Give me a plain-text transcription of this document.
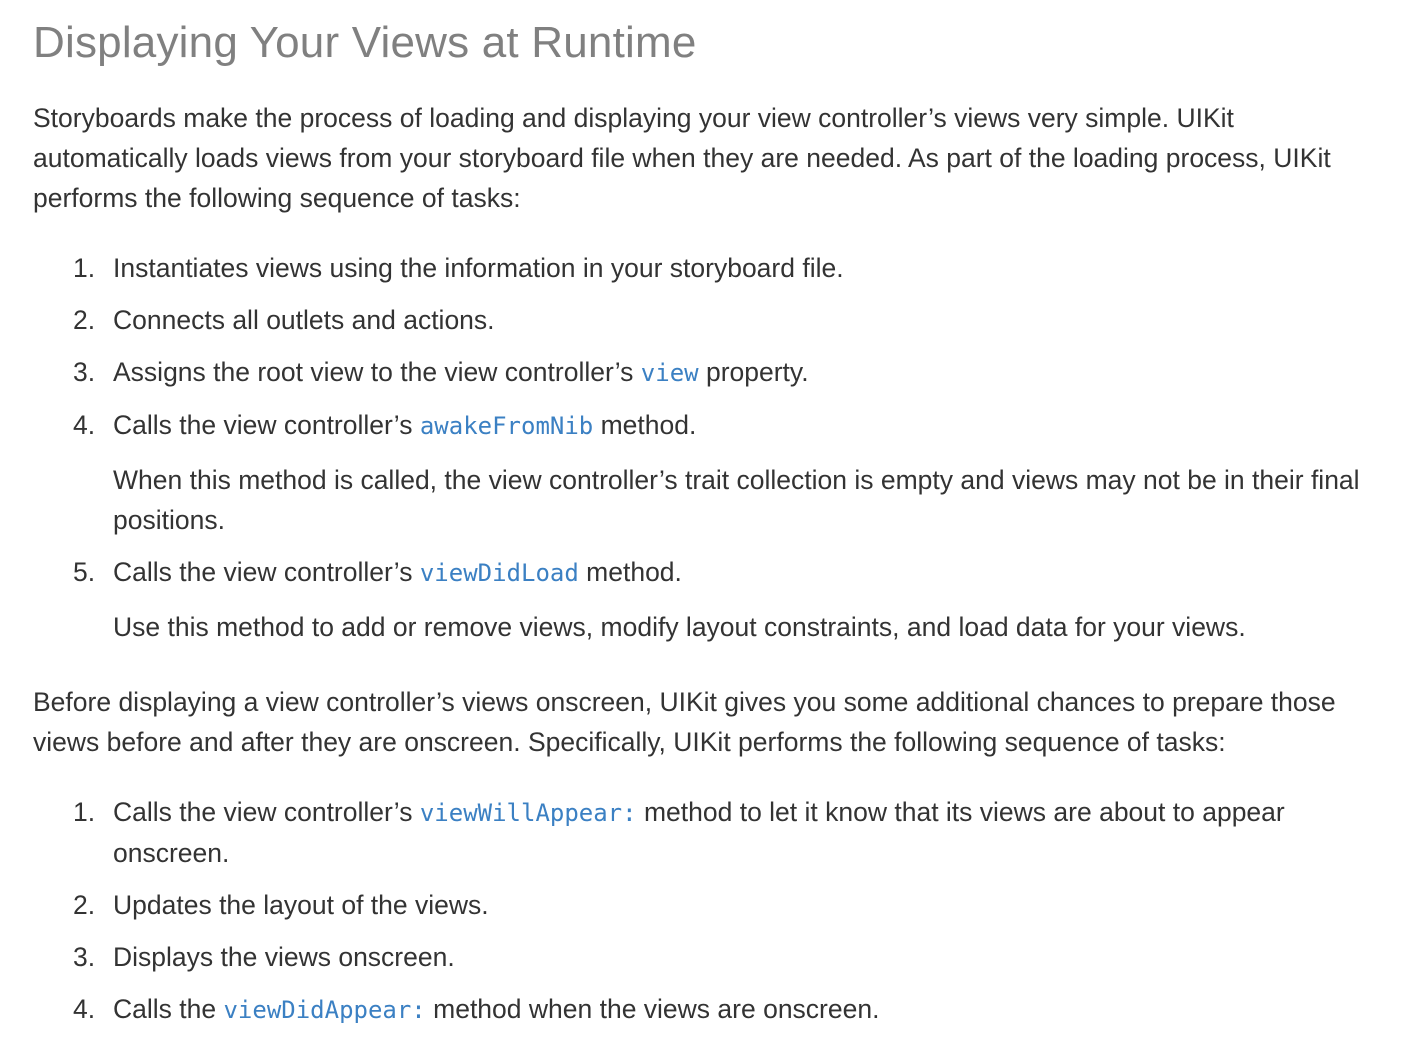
Displaying Your Views at Runtime

Storyboards make the process of loading and displaying your view controller’s views very simple. UIKit automatically loads views from your storyboard file when they are needed. As part of the loading process, UIKit performs the following sequence of tasks:

1. Instantiates views using the information in your storyboard file.
2. Connects all outlets and actions.
3. Assigns the root view to the view controller’s view property.
4. Calls the view controller’s awakeFromNib method.
When this method is called, the view controller’s trait collection is empty and views may not be in their final positions.
5. Calls the view controller’s viewDidLoad method.
Use this method to add or remove views, modify layout constraints, and load data for your views.

Before displaying a view controller’s views onscreen, UIKit gives you some additional chances to prepare those views before and after they are onscreen. Specifically, UIKit performs the following sequence of tasks:

1. Calls the view controller’s viewWillAppear: method to let it know that its views are about to appear onscreen.
2. Updates the layout of the views.
3. Displays the views onscreen.
4. Calls the viewDidAppear: method when the views are onscreen.
